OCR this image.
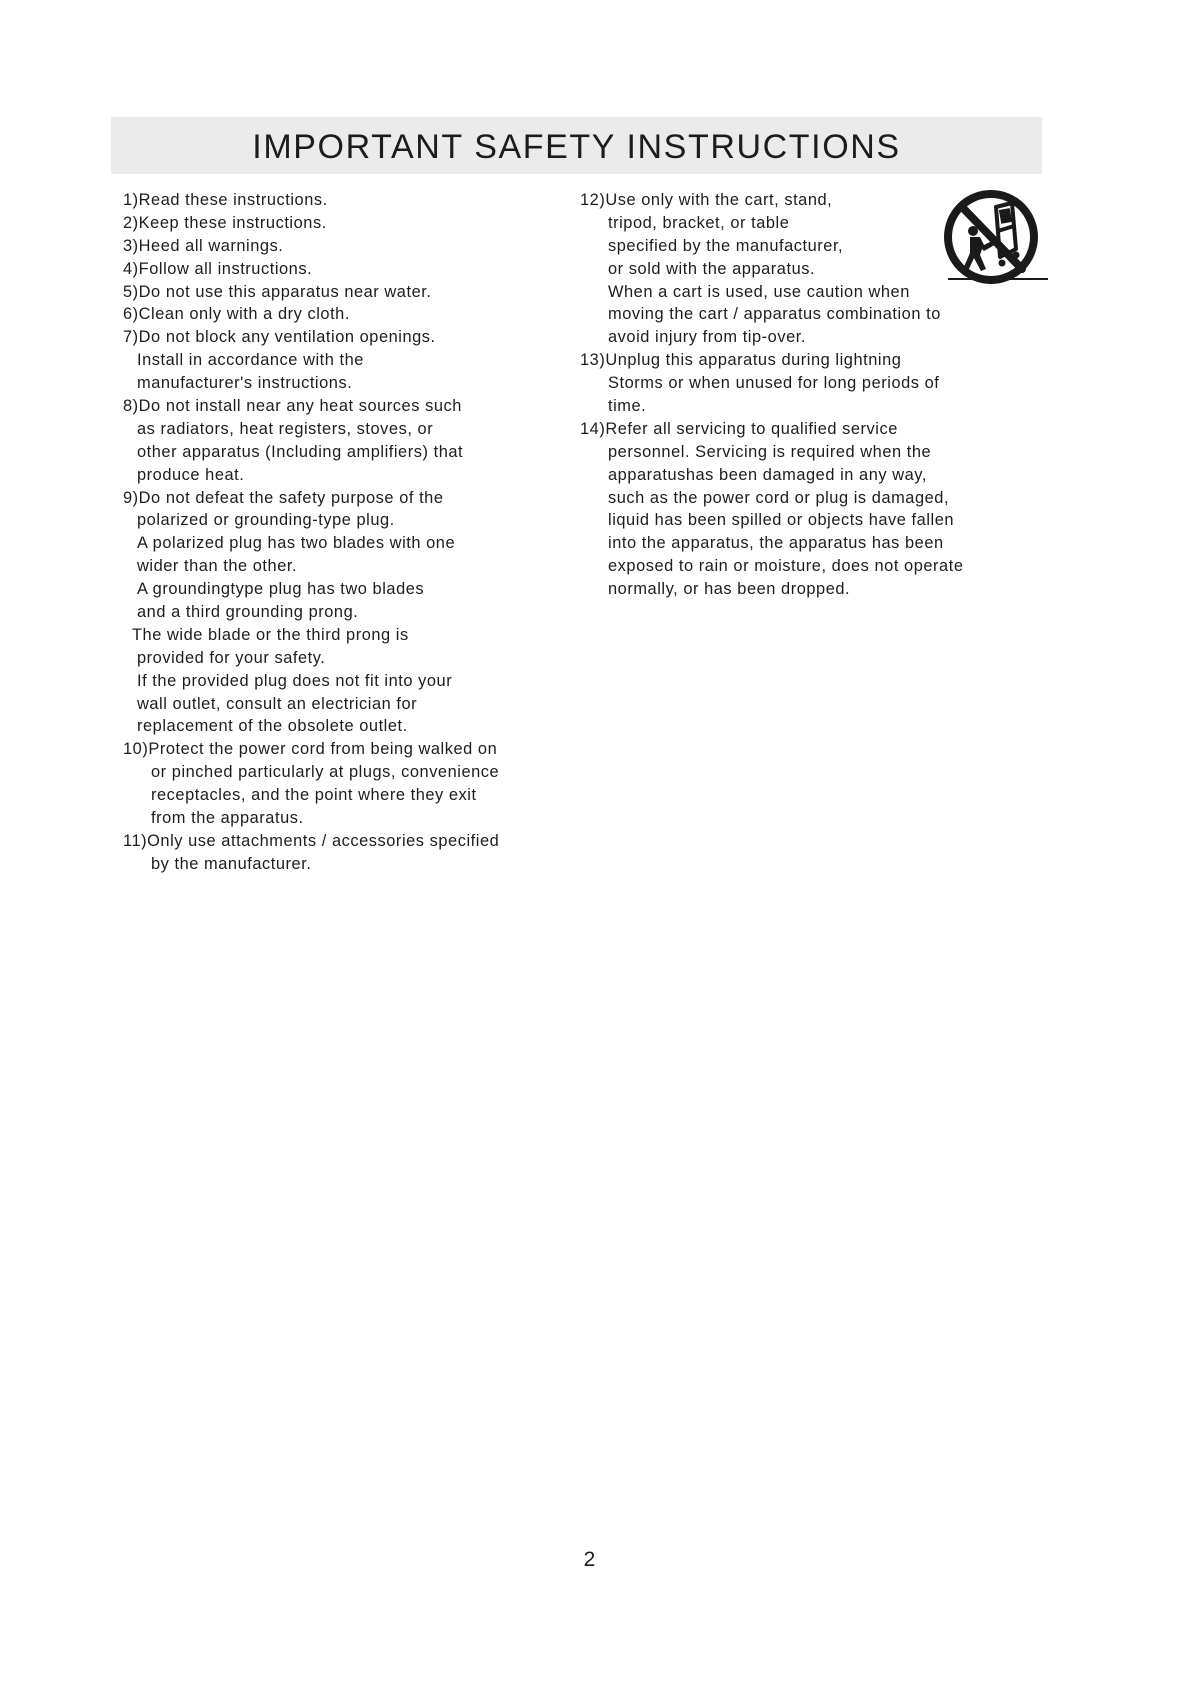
IMPORTANT SAFETY INSTRUCTIONS
1)Read these instructions.
2)Keep these instructions.
3)Heed all warnings.
4)Follow all instructions.
5)Do not use this apparatus near water.
6)Clean only with a dry cloth.
7)Do not block any ventilation openings.
Install in accordance with the
manufacturer's instructions.
8)Do not install near any heat sources such
as radiators, heat registers, stoves, or
other apparatus (Including amplifiers) that
produce heat.
9)Do not defeat the safety purpose of the
polarized or grounding-type plug.
A polarized plug has two blades with one
wider than the other.
A groundingtype plug has two blades
and a third grounding prong.
The wide blade or the third prong is
provided for your safety.
If the provided plug does not fit into your
wall outlet, consult an electrician for
replacement of the obsolete outlet.
10)Protect the power cord from being walked on
or pinched particularly at plugs, convenience
receptacles, and the point where they exit
from the apparatus.
11)Only use attachments / accessories specified
by the manufacturer.
12)Use only with the cart, stand,
tripod, bracket, or table
specified by the manufacturer,
or sold with the apparatus.
When a cart is used, use caution when
moving the cart / apparatus combination to
avoid injury from tip-over.
13)Unplug this apparatus during lightning
Storms or when unused for long periods of
time.
14)Refer all servicing to qualified service
personnel. Servicing is required when the
apparatushas been damaged in any way,
such as the power cord or plug is damaged,
liquid has been spilled or objects have fallen
into the apparatus, the apparatus has been
exposed to rain or moisture, does not operate
normally, or has been dropped.
2
